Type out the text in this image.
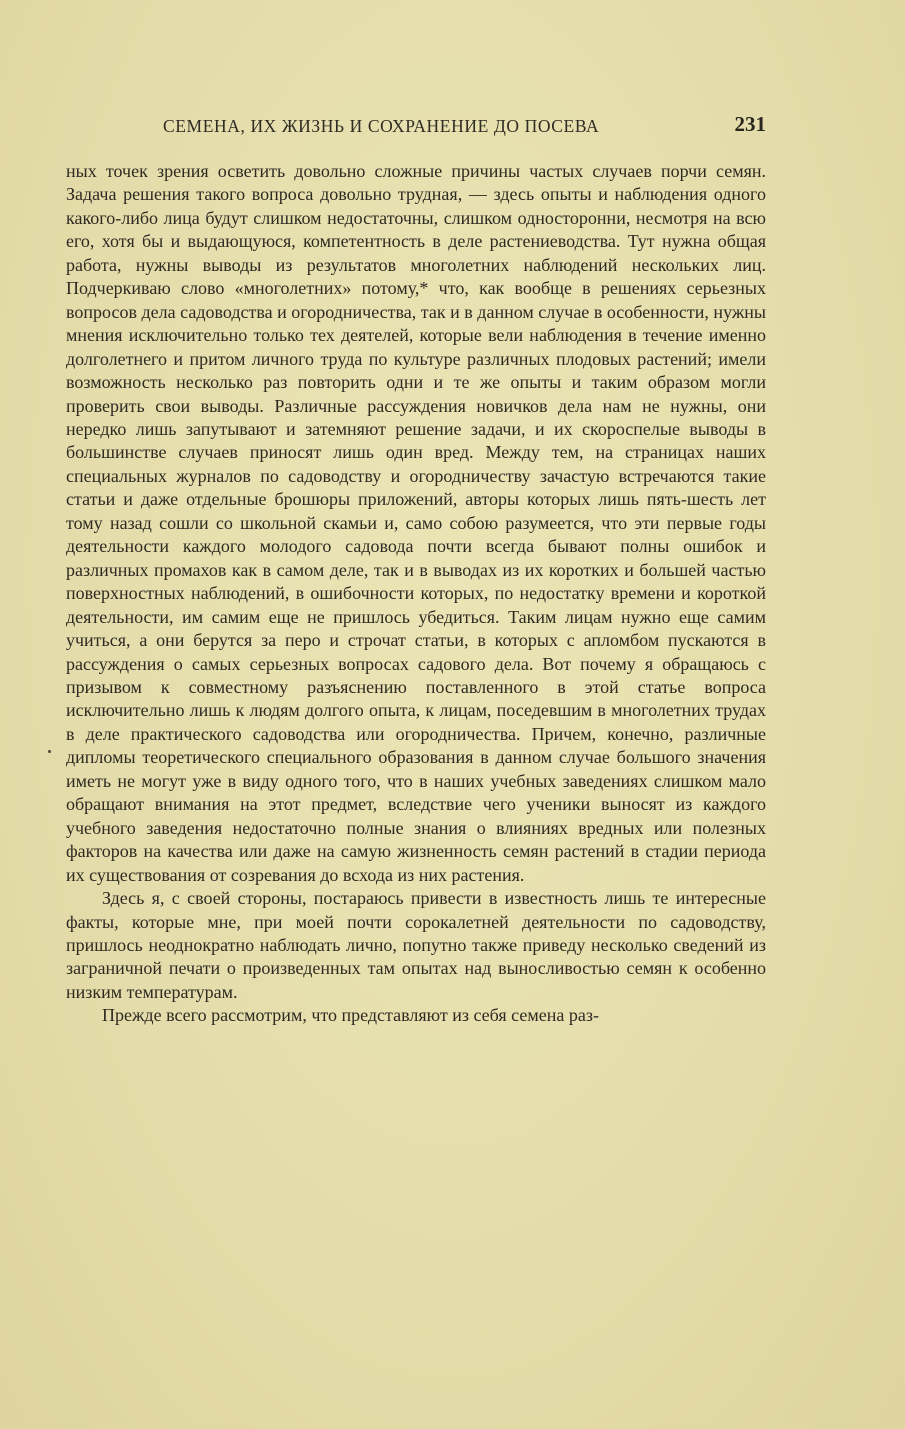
СЕМЕНА, ИХ ЖИЗНЬ И СОХРАНЕНИЕ ДО ПОСЕВА	231

ных точек зрения осветить довольно сложные причины частых случаев порчи семян. Задача решения такого вопроса довольно трудная, — здесь опыты и наблюдения одного какого-либо лица будут слишком недостаточны, слишком односторонни, несмотря на всю его, хотя бы и выдающуюся, компетентность в деле растениеводства. Тут нужна общая работа, нужны выводы из результатов многолетних наблюдений нескольких лиц. Подчеркиваю слово «многолетних» потому,* что, как вообще в решениях серьезных вопросов дела садоводства и огородничества, так и в данном случае в особенности, нужны мнения исключительно только тех деятелей, которые вели наблюдения в течение именно долголетнего и притом личного труда по культуре различных плодовых растений; имели возможность несколько раз повторить одни и те же опыты и таким образом могли проверить свои выводы. Различные рассуждения новичков дела нам не нужны, они нередко лишь запутывают и затемняют решение задачи, и их скороспелые выводы в большинстве случаев приносят лишь один вред. Между тем, на страницах наших специальных журналов по садоводству и огородничеству зачастую встречаются такие статьи и даже отдельные брошюры приложений, авторы которых лишь пять-шесть лет тому назад сошли со школьной скамьи и, само собою разумеется, что эти первые годы деятельности каждого молодого садовода почти всегда бывают полны ошибок и различных промахов как в самом деле, так и в выводах из их коротких и большей частью поверхностных наблюдений, в ошибочности которых, по недостатку времени и короткой деятельности, им самим еще не пришлось убедиться. Таким лицам нужно еще самим учиться, а они берутся за перо и строчат статьи, в которых с апломбом пускаются в рассуждения о самых серьезных вопросах садового дела. Вот почему я обращаюсь с призывом к совместному разъяснению поставленного в этой статье вопроса исключительно лишь к людям долгого опыта, к лицам, поседевшим в многолетних трудах в деле практического садоводства или огородничества. Причем, конечно, различные дипломы теоретического специального образования в данном случае большого значения иметь не могут уже в виду одного того, что в наших учебных заведениях слишком мало обращают внимания на этот предмет, вследствие чего ученики выносят из каждого учебного заведения недостаточно полные знания о влияниях вредных или полезных факторов на качества или даже на самую жизненность семян растений в стадии периода их существования от созревания до всхода из них растения.

Здесь я, с своей стороны, постараюсь привести в известность лишь те интересные факты, которые мне, при моей почти сорокалетней деятельности по садоводству, пришлось неоднократно наблюдать лично, попутно также приведу несколько сведений из заграничной печати о произведенных там опытах над выносливостью семян к особенно низким температурам.

Прежде всего рассмотрим, что представляют из себя семена раз-
